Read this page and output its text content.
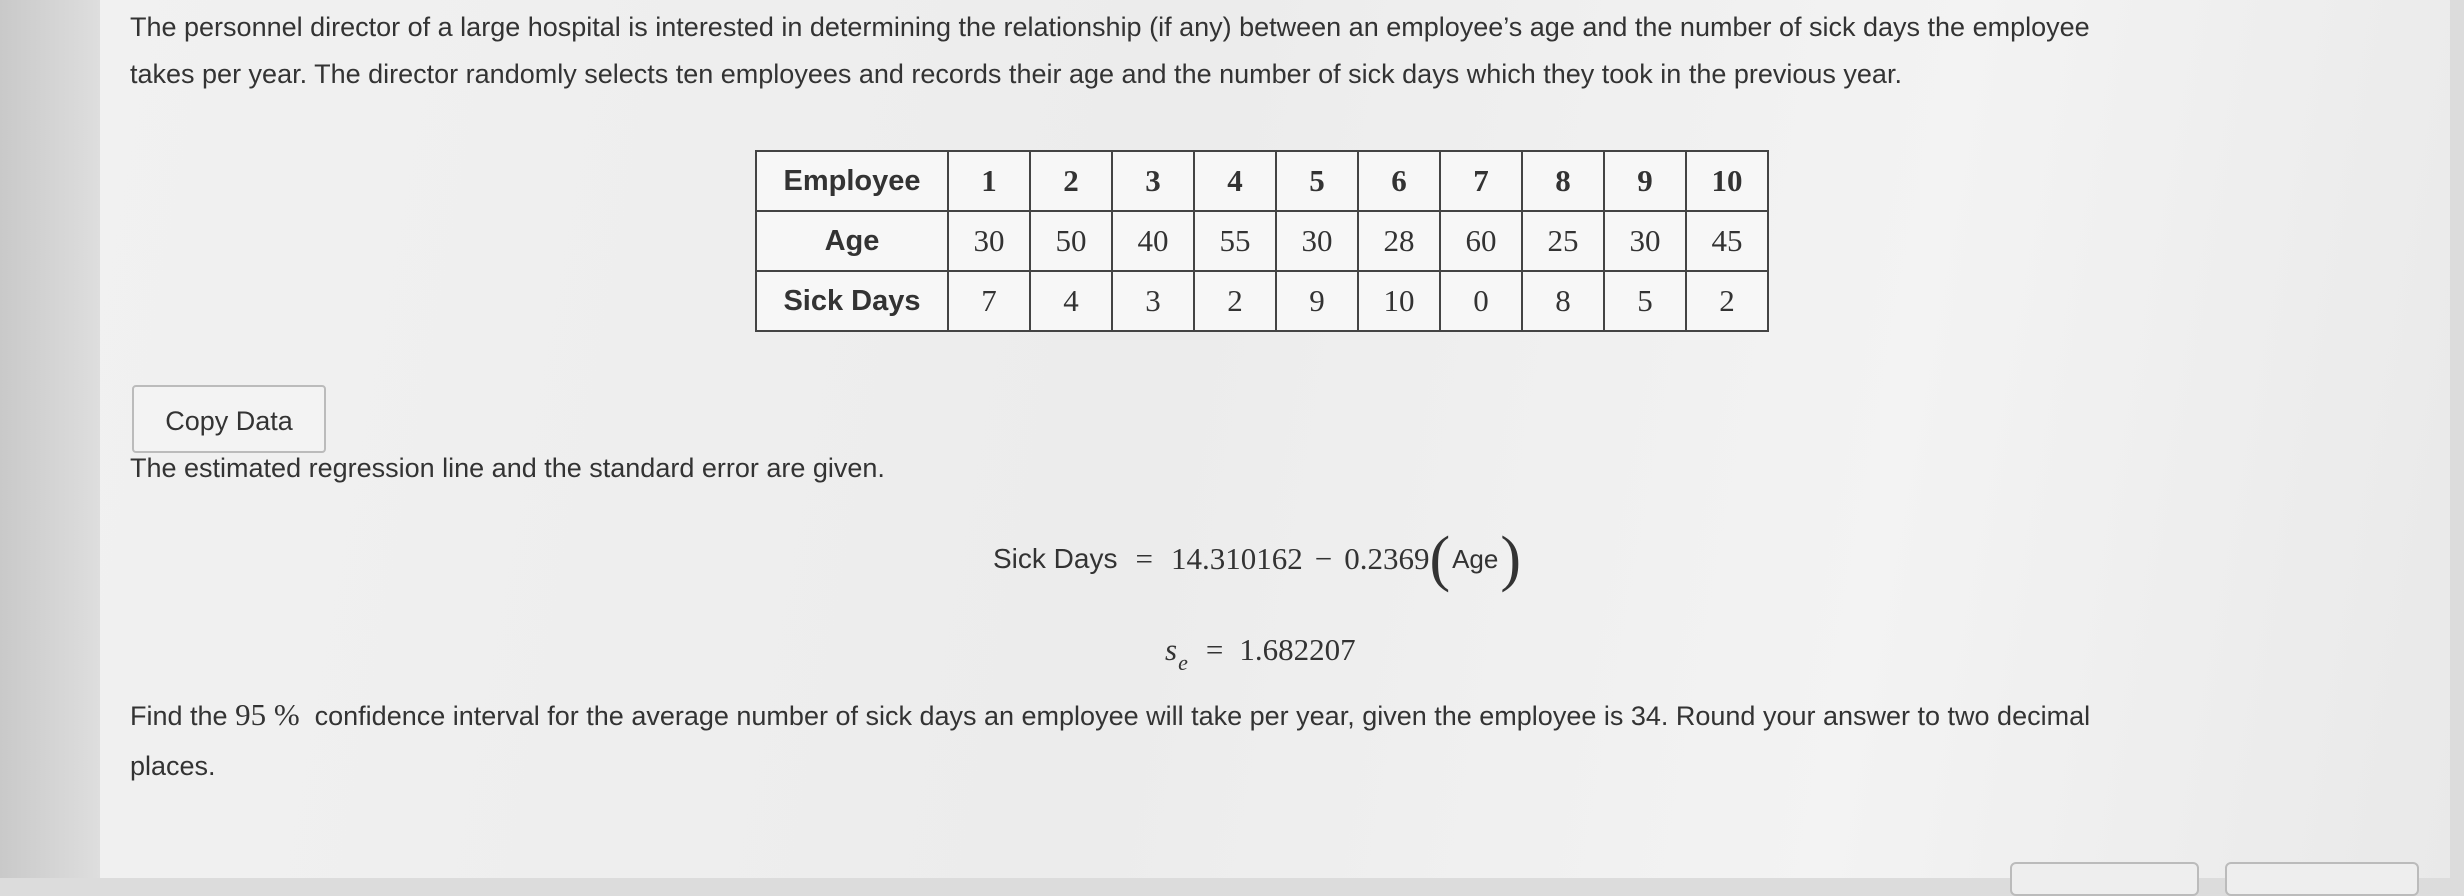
The personnel director of a large hospital is interested in determining the relationship (if any) between an employee’s age and the number of sick days the employee
takes per year. The director randomly selects ten employees and records their age and the number of sick days which they took in the previous year.
Employee	1	2	3	4	5	6	7	8	9	10
Age	30	50	40	55	30	28	60	25	30	45
Sick Days	7	4	3	2	9	10	0	8	5	2
Copy Data
The estimated regression line and the standard error are given.
Sick Days = 14.310162 − 0.2369 ( Age )
s e = 1.682207
Find the 95 %  confidence interval for the average number of sick days an employee will take per year, given the employee is 34. Round your answer to two decimal
places.
